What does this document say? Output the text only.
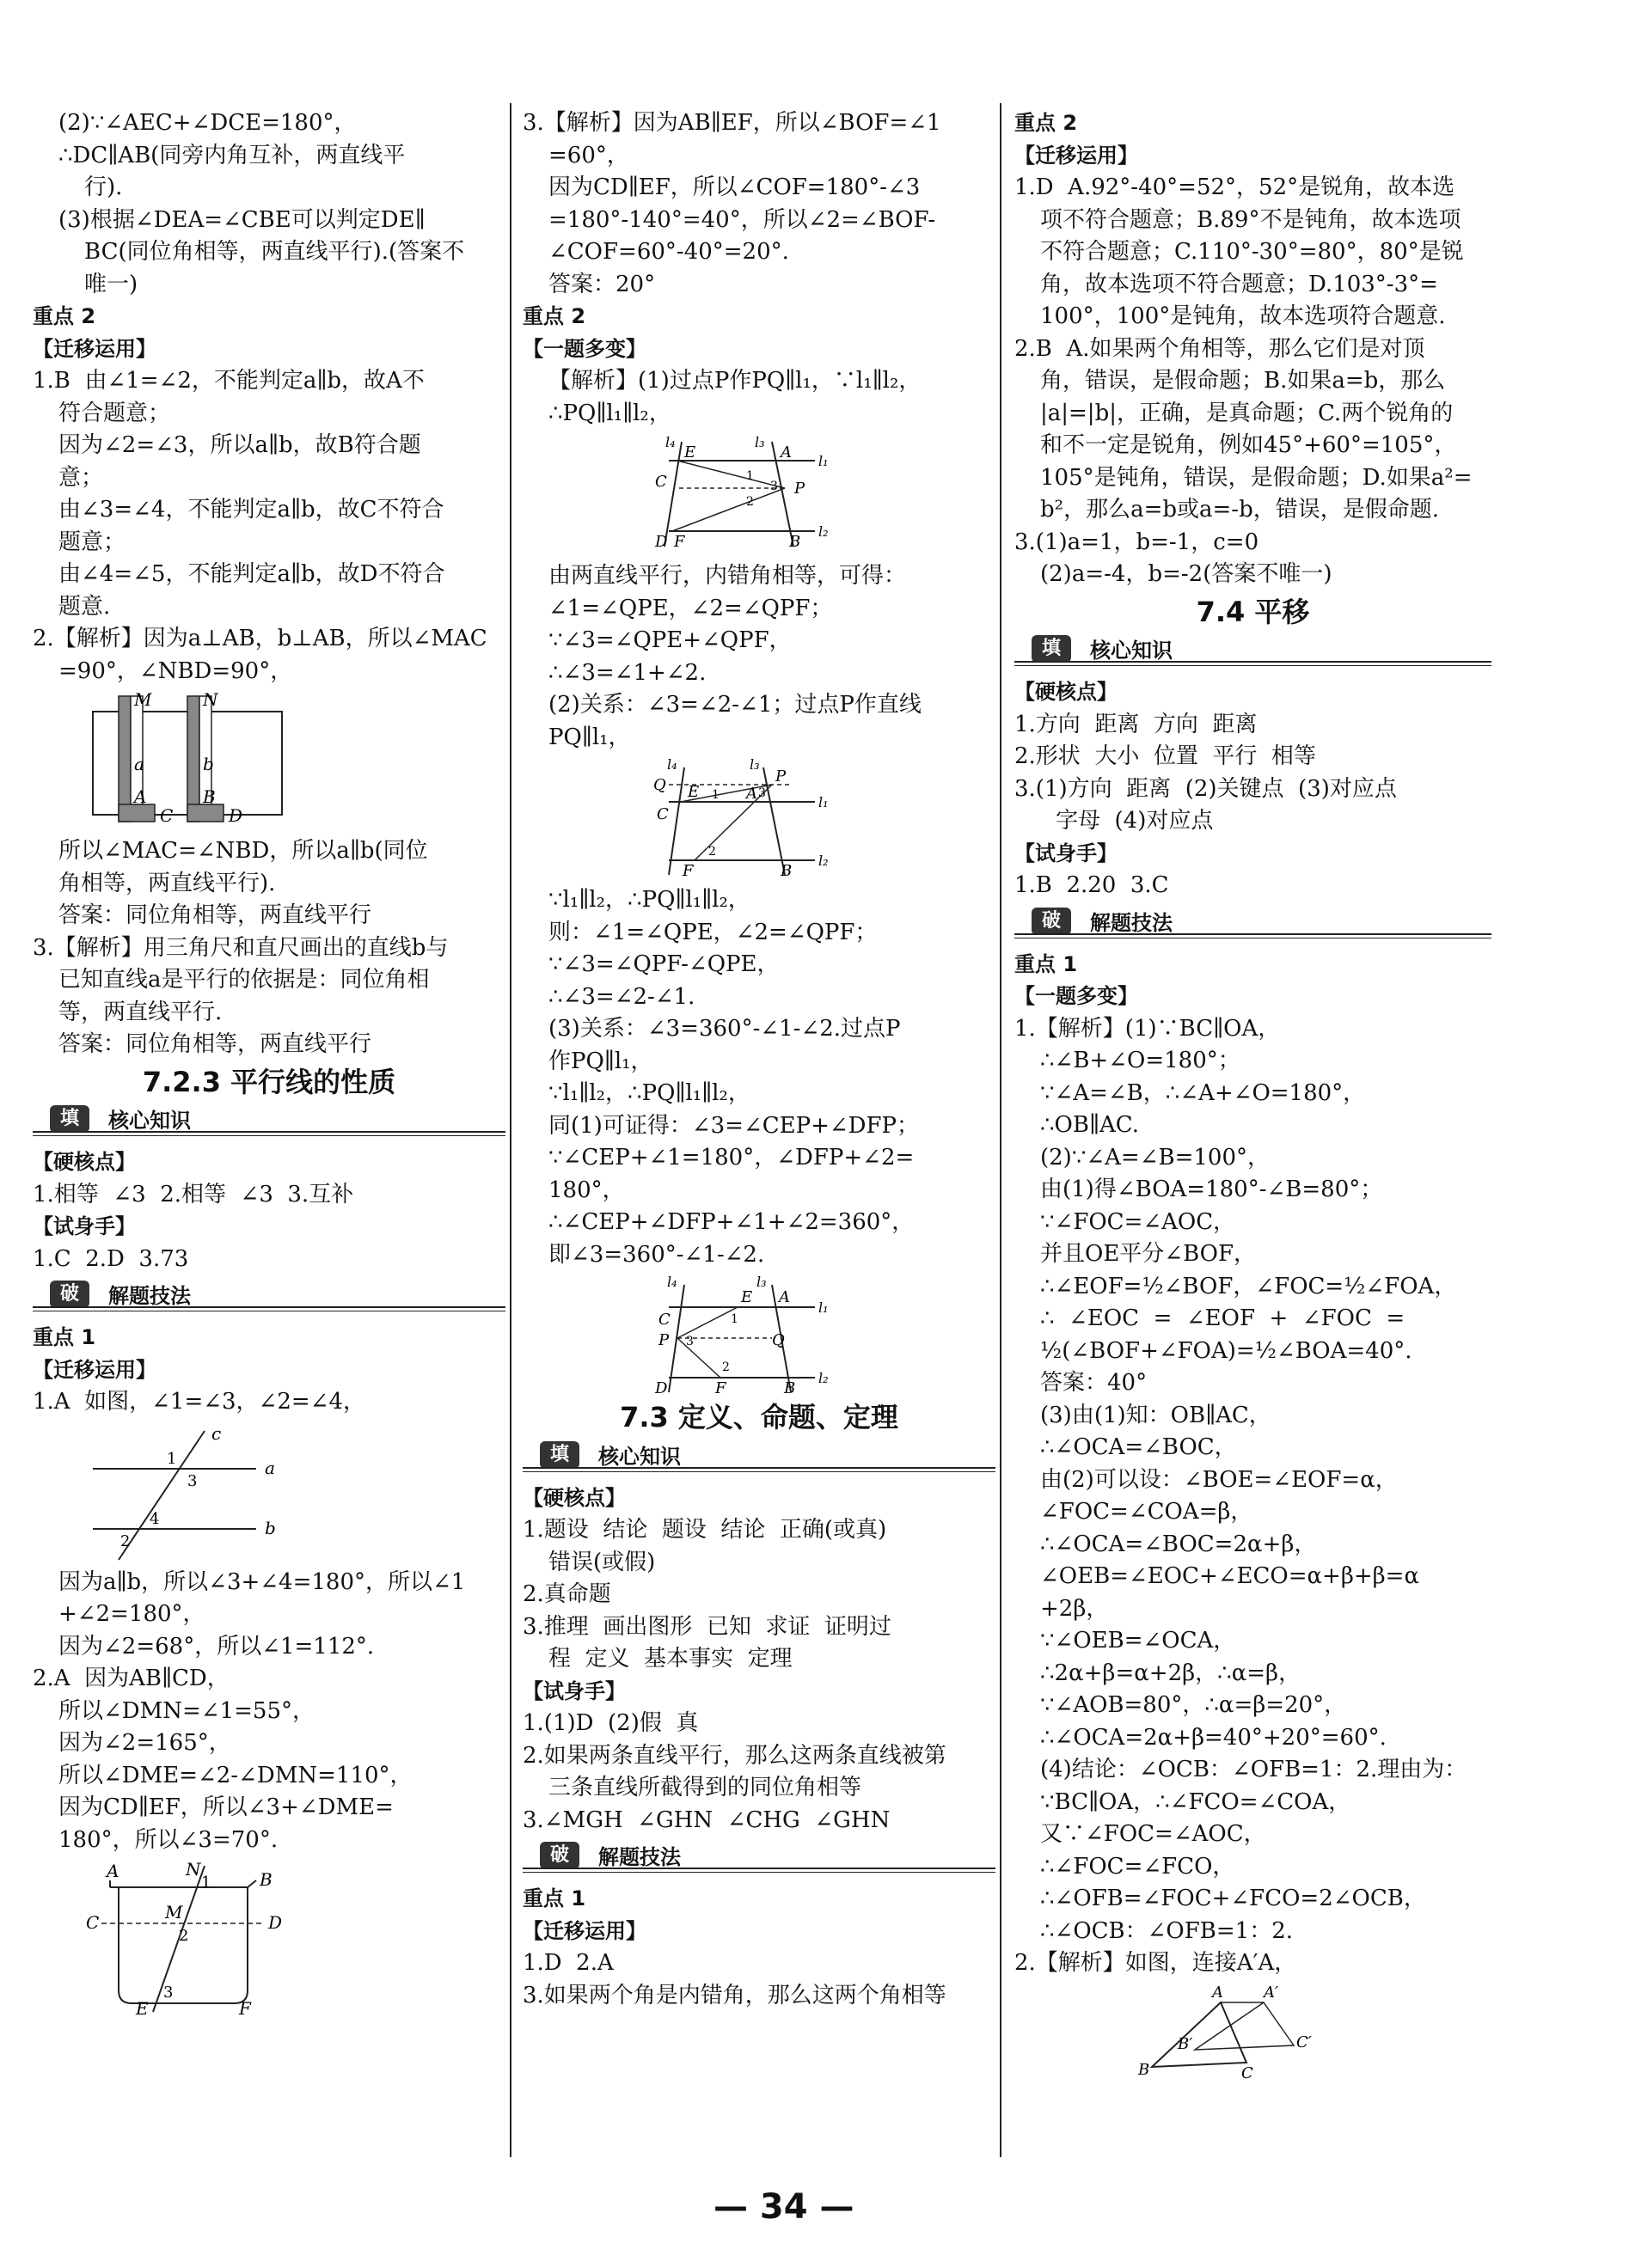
(2)∵∠AEC+∠DCE=180°，
∴DC∥AB(同旁内角互补，两直线平
行).
(3)根据∠DEA=∠CBE可以判定DE∥
BC(同位角相等，两直线平行).(答案不
唯一)
重点 2
【迁移运用】
1.B  由∠1=∠2，不能判定a∥b，故A不
符合题意；
因为∠2=∠3，所以a∥b，故B符合题
意；
由∠3=∠4，不能判定a∥b，故C不符合
题意；
由∠4=∠5，不能判定a∥b，故D不符合
题意.
2.【解析】因为a⊥AB，b⊥AB，所以∠MAC
=90°，∠NBD=90°，
M	N
a	b
A
C
B
D
所以∠MAC=∠NBD，所以a∥b(同位
角相等，两直线平行).
答案：同位角相等，两直线平行
3.【解析】用三角尺和直尺画出的直线b与
已知直线a是平行的依据是：同位角相
等，两直线平行.
答案：同位角相等，两直线平行
7.2.3 平行线的性质
填	核心知识
【硬核点】
1.相等  ∠3  2.相等  ∠3  3.互补
【试身手】
1.C  2.D  3.73
破	解题技法
重点 1
【迁移运用】
1.A  如图，∠1=∠3，∠2=∠4，
c
1
3
a
4
2
b
因为a∥b，所以∠3+∠4=180°，所以∠1
+∠2=180°，
因为∠2=68°，所以∠1=112°.
2.A  因为AB∥CD，
所以∠DMN=∠1=55°，
因为∠2=165°，
所以∠DME=∠2-∠DMN=110°，
因为CD∥EF，所以∠3+∠DME=
180°，所以∠3=70°.
A	N
1	B
C	M	D
2
3
E	F
3.【解析】因为AB∥EF，所以∠BOF=∠1
=60°，
因为CD∥EF，所以∠COF=180°-∠3
=180°-140°=40°，所以∠2=∠BOF-
∠COF=60°-40°=20°.
答案：20°
重点 2
【一题多变】
【解析】(1)过点P作PQ∥l₁，∵l₁∥l₂，
∴PQ∥l₁∥l₂，
l₄	l₃
E	A l₁
C	1
3 P
2
D F	B
l₂
由两直线平行，内错角相等，可得：
∠1=∠QPE，∠2=∠QPF；
∵∠3=∠QPE+∠QPF，
∴∠3=∠1+∠2.
(2)关系：∠3=∠2-∠1；过点P作直线
PQ∥l₁，
l₄	l₃
Q E	A
P
l₁
C
1	3
2
F	B
l₂
∵l₁∥l₂，∴PQ∥l₁∥l₂，
则：∠1=∠QPE，∠2=∠QPF；
∵∠3=∠QPF-∠QPE，
∴∠3=∠2-∠1.
(3)关系：∠3=360°-∠1-∠2.过点P
作PQ∥l₁，
∵l₁∥l₂，∴PQ∥l₁∥l₂，
同(1)可证得：∠3=∠CEP+∠DFP；
∵∠CEP+∠1=180°，∠DFP+∠2=
180°，
∴∠CEP+∠DFP+∠1+∠2=360°，
即∠3=360°-∠1-∠2.
l₄	l₃
E A
l₁
C	1
P 3	Q
2
D	F	B
l₂
7.3 定义、命题、定理
填	核心知识
【硬核点】
1.题设  结论  题设  结论  正确(或真)
错误(或假)
2.真命题
3.推理  画出图形  已知  求证  证明过
程  定义  基本事实  定理
【试身手】
1.(1)D  (2)假  真
2.如果两条直线平行，那么这两条直线被第
三条直线所截得到的同位角相等
3.∠MGH  ∠GHN  ∠CHG  ∠GHN
破	解题技法
重点 1
【迁移运用】
1.D  2.A
3.如果两个角是内错角，那么这两个角相等
重点 2
【迁移运用】
1.D  A.92°-40°=52°，52°是锐角，故本选
项不符合题意；B.89°不是钝角，故本选项
不符合题意；C.110°-30°=80°，80°是锐
角，故本选项不符合题意；D.103°-3°=
100°，100°是钝角，故本选项符合题意.
2.B  A.如果两个角相等，那么它们是对顶
角，错误，是假命题；B.如果a=b，那么
|a|=|b|，正确，是真命题；C.两个锐角的
和不一定是锐角，例如45°+60°=105°，
105°是钝角，错误，是假命题；D.如果a²=
b²，那么a=b或a=-b，错误，是假命题.
3.(1)a=1，b=-1，c=0
(2)a=-4，b=-2(答案不唯一)
7.4 平移
填	核心知识
【硬核点】
1.方向  距离  方向  距离
2.形状  大小  位置  平行  相等
3.(1)方向  距离  (2)关键点  (3)对应点
字母  (4)对应点
【试身手】
1.B  2.20  3.C
破	解题技法
重点 1
【一题多变】
1.【解析】(1)∵BC∥OA，
∴∠B+∠O=180°；
∵∠A=∠B，∴∠A+∠O=180°，
∴OB∥AC.
(2)∵∠A=∠B=100°，
由(1)得∠BOA=180°-∠B=80°；
∵∠FOC=∠AOC，
并且OE平分∠BOF，
∴∠EOF=½∠BOF，∠FOC=½∠FOA，
∴  ∠EOC  =  ∠EOF  +  ∠FOC  =
½(∠BOF+∠FOA)=½∠BOA=40°.
答案：40°
(3)由(1)知：OB∥AC，
∴∠OCA=∠BOC，
由(2)可以设：∠BOE=∠EOF=α，
∠FOC=∠COA=β，
∴∠OCA=∠BOC=2α+β，
∠OEB=∠EOC+∠ECO=α+β+β=α
+2β，
∵∠OEB=∠OCA，
∴2α+β=α+2β，∴α=β，
∵∠AOB=80°，∴α=β=20°，
∴∠OCA=2α+β=40°+20°=60°.
(4)结论：∠OCB：∠OFB=1：2.理由为：
∵BC∥OA，∴∠FCO=∠COA，
又∵∠FOC=∠AOC，
∴∠FOC=∠FCO，
∴∠OFB=∠FOC+∠FCO=2∠OCB，
∴∠OCB：∠OFB=1：2.
2.【解析】如图，连接A′A，
A	A′
B′	C′
B	C
— 34 —
